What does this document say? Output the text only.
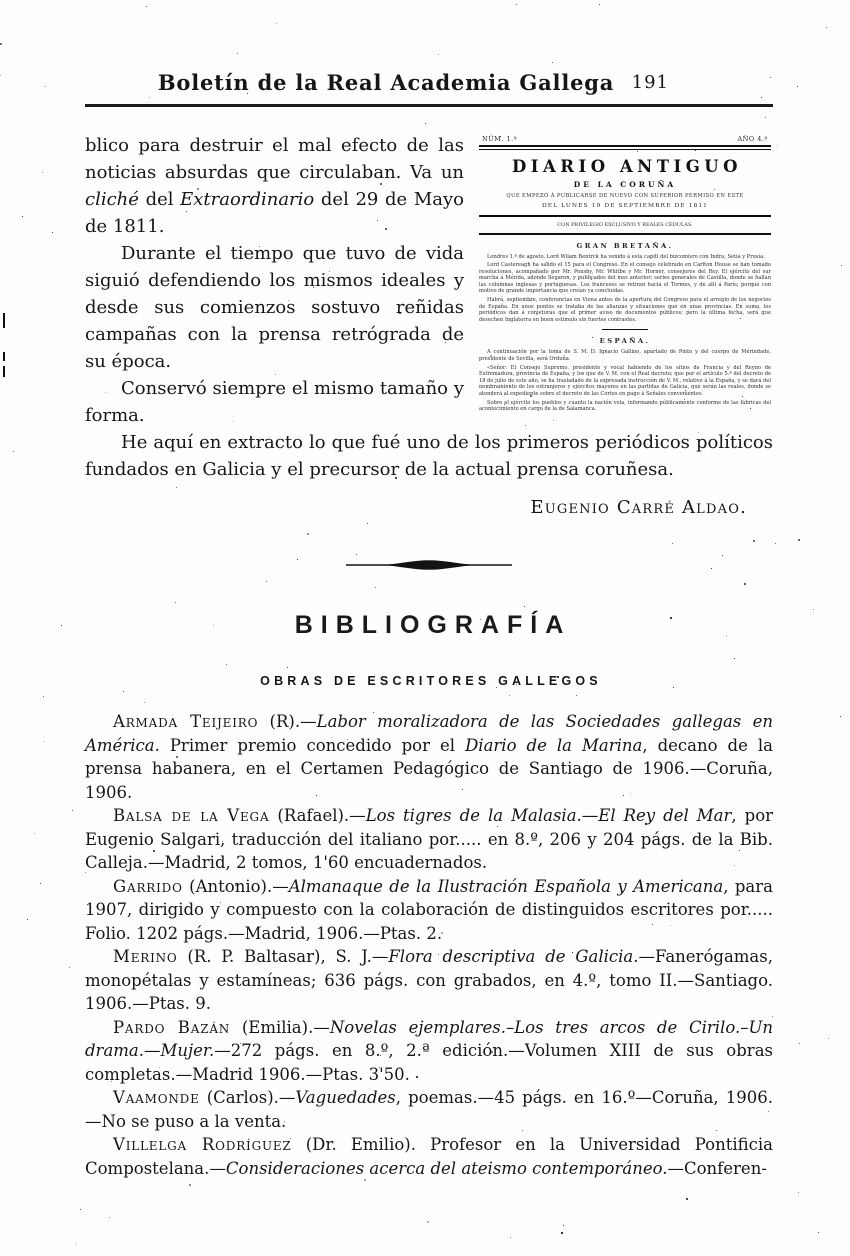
Boletín de la Real Academia Gallega 191
NÚM. 1.º	AÑO 4.º
DIARIO ANTIGUO
DE LA CORUÑA
QUE EMPEZÓ Á PUBLICARSE DE NUEVO CON SUPERIOR PERMISO EN ESTE
DEL LUNES 19 DE SEPTIEMBRE DE 1811
CON PRIVILEGIO EXCLUSIVO Y REALES CÉDULAS.
GRAN BRETAÑA.

Londres 1.º de agosto. Lord Wilam Bentrck ha venido á esta capitl del bizcomisro con Indra, Setia y Prusia.

Lord Castereagh ha salido el 15 para el Congreso. En el consejo celebrado en Carlton House se han tomado resoluciones, acompañado por Mr. Ponsby, Mr. Whitbe y Mr. Horner, consejeros del Rey. El ejército del sur marcha á Mérida, adonde llegaron, y publicados del mes anterior; series generales de Castilla, donde se hallan las columnas inglesas y portuguesas. Los franceses se retiran hacia el Tormes, y de allí á París; porque con motivo de grande importancia que creían ya concluidas.

Habrá, septiembre, conferencias en Viena antes de la apertura del Congreso para el arreglo de los negocios de España. En unos puntos se trataba de las alianzas y situaciones que en unas provincias. En suma, los periódicos dan á conjeturas que el primer aviso de documentos públicos; pero la última fecha, será que desechen Inglaterra en buen estímulo sin fuertes contrastes.

ESPAÑA.

A continuación por la toma de S. M. D. Ignacio Gallino, apartado de Pinto y del cuerpo de Mérindade, presidente de Sevilla, será Orduña.

«Señor: El Consejo Supremo, presidente y vocal habiendo de los sitios de Francia y del Reyno de Estremadura, provincia de España, y los que de V. M. con el Real decreto; que por el artículo 5.º del decreto de 18 de julio de este año, se ha trasladado de la expresada instrucción de V. M., relativo á la España, y se dará del nombramiento de los extranjeros y ejércitos mayores en las partidas de Galicia, que serán las reales, donde se atenderá al expediente sobre el decreto de las Cortes en pago á Señales convenientes.

Sobre el ejército los pueblos y cuanto la nación vela, informando públicamente conforme de las fábricas del acontecimiento en cargo de la de Salamanca.

blico para destruir el mal efecto de las noticias absurdas que circulaban. Va un cliché del Extraordinario del 29 de Mayo de 1811.

Durante el tiempo que tuvo de vida siguió defendiendo los mismos ideales y desde sus comienzos sostuvo reñidas campañas con la prensa retrógrada de su época.

Conservó siempre el mismo tamaño y forma.

He aquí en extracto lo que fué uno de los primeros periódicos políticos fundados en Galicia y el precursor de la actual prensa coruñesa.

Eugenio Carré Aldao.
BIBLIOGRAFÍA
OBRAS DE ESCRITORES GALLEGOS

Armada Teijeiro (R).—Labor moralizadora de las Sociedades gallegas en América. Primer premio concedido por el Diario de la Marina, decano de la prensa habanera, en el Certamen Pedagógico de Santiago de 1906.—Coruña, 1906.

Balsa de la Vega (Rafael).—Los tigres de la Malasia.—El Rey del Mar, por Eugenio Salgari, traducción del italiano por..... en 8.º, 206 y 204 págs. de la Bib. Calleja.—Madrid, 2 tomos, 1'60 encuadernados.

Garrido (Antonio).—Almanaque de la Ilustración Española y Americana, para 1907, dirigido y compuesto con la colaboración de distinguidos escritores por..... Folio. 1202 págs.—Madrid, 1906.—Ptas. 2.

Merino (R. P. Baltasar), S. J.—Flora descriptiva de Galicia.—Fanerógamas, monopétalas y estamíneas; 636 págs. con grabados, en 4.º, tomo II.—Santiago. 1906.—Ptas. 9.

Pardo Bazán (Emilia).—Novelas ejemplares.–Los tres arcos de Cirilo.–Un drama.—Mujer.—272 págs. en 8.º, 2.ª edición.—Volumen XIII de sus obras completas.—Madrid 1906.—Ptas. 3'50.

Vaamonde (Carlos).—Vaguedades, poemas.—45 págs. en 16.º—Coruña, 1906.—No se puso a la venta.

Villelga Rodríguez (Dr. Emilio). Profesor en la Universidad Pontificia Compostelana.—Consideraciones acerca del ateismo contemporáneo.—Conferen-
